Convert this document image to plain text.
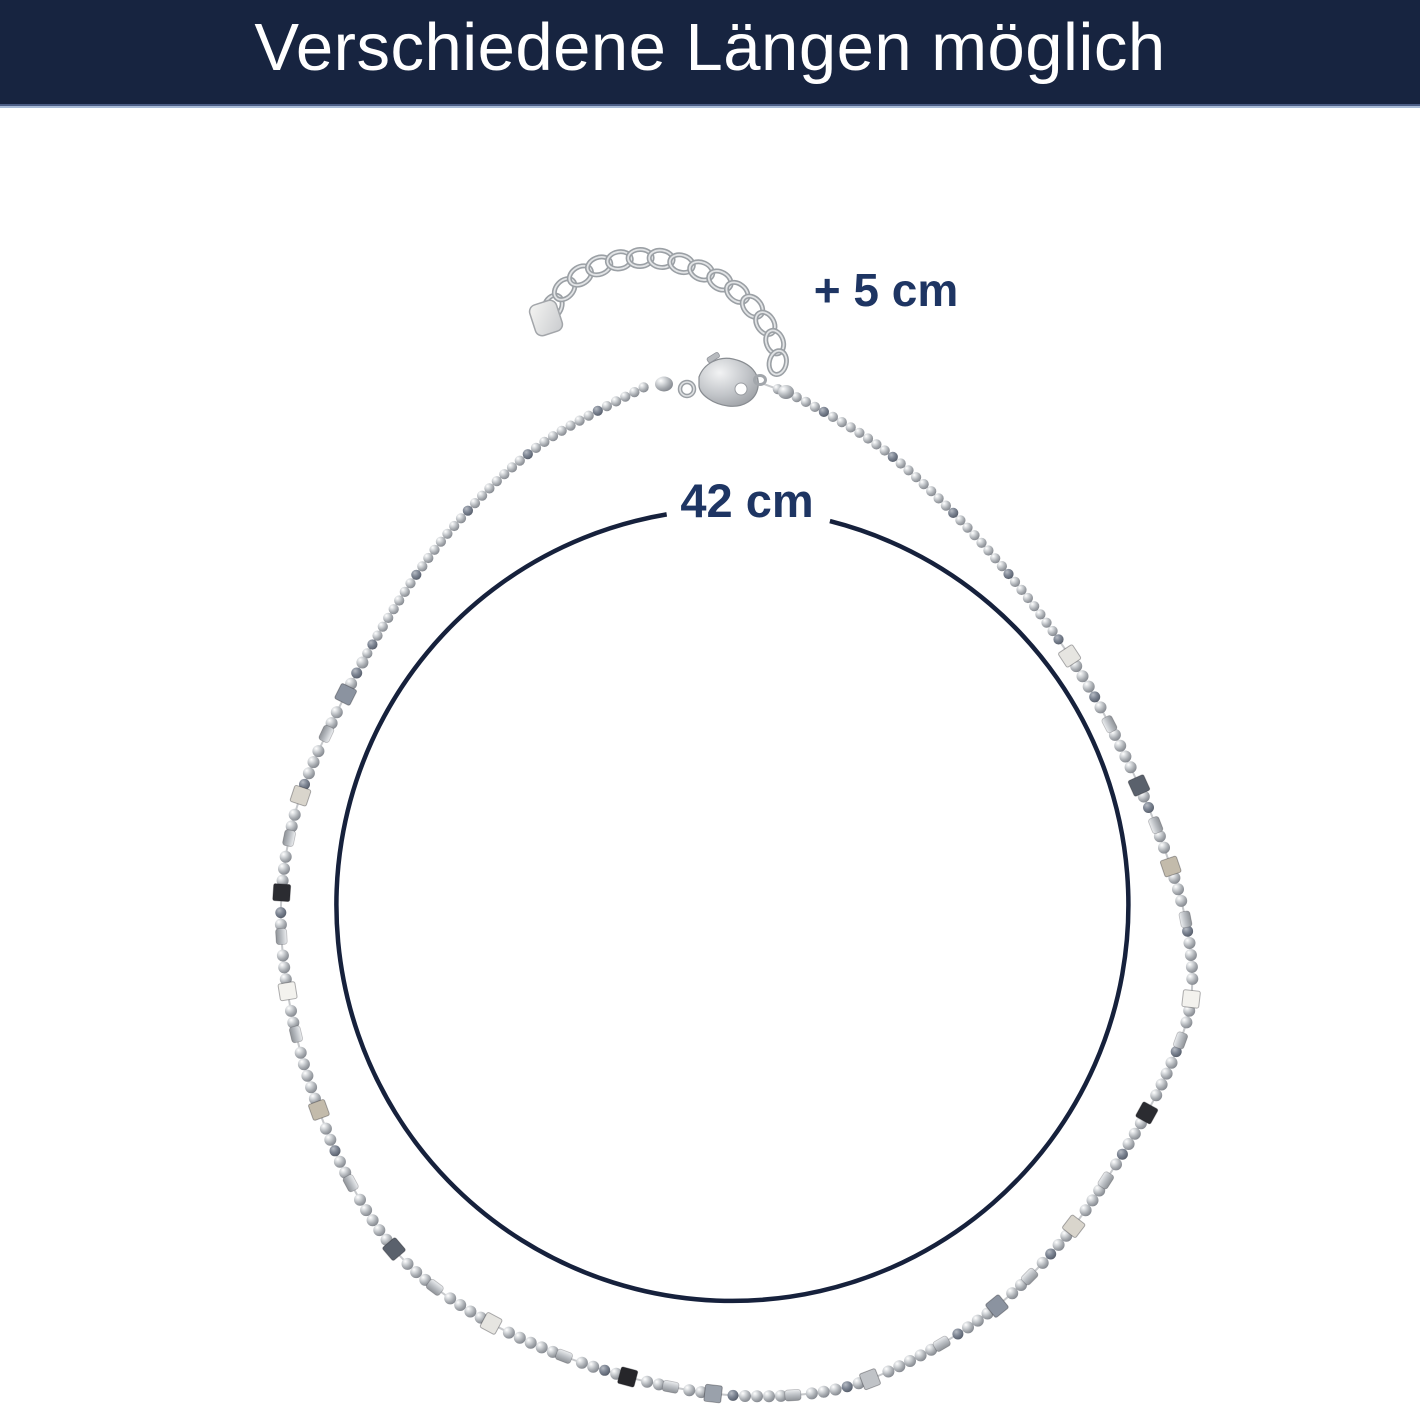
Verschiedene Längen möglich
42 cm
+ 5 cm
